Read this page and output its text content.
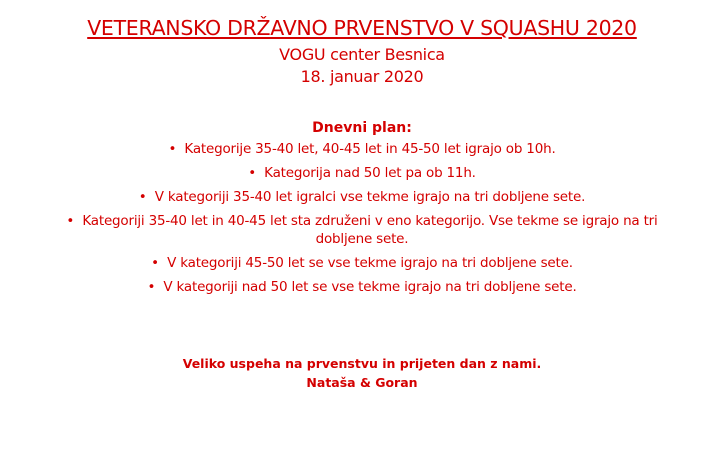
VETERANSKO DRŽAVNO PRVENSTVO V SQUASHU 2020
VOGU center Besnica
18. januar 2020
Dnevni plan:
•  Kategorije 35-40 let, 40-45 let in 45-50 let igrajo ob 10h.
•  Kategorija nad 50 let pa ob 11h.
•  V kategoriji 35-40 let igralci vse tekme igrajo na tri dobljene sete.
•  Kategoriji 35-40 let in 40-45 let sta združeni v eno kategorijo. Vse tekme se igrajo na tri dobljene sete.
•  V kategoriji 45-50 let se vse tekme igrajo na tri dobljene sete.
•  V kategoriji nad 50 let se vse tekme igrajo na tri dobljene sete.
Veliko uspeha na prvenstvu in prijeten dan z nami.
Nataša & Goran
